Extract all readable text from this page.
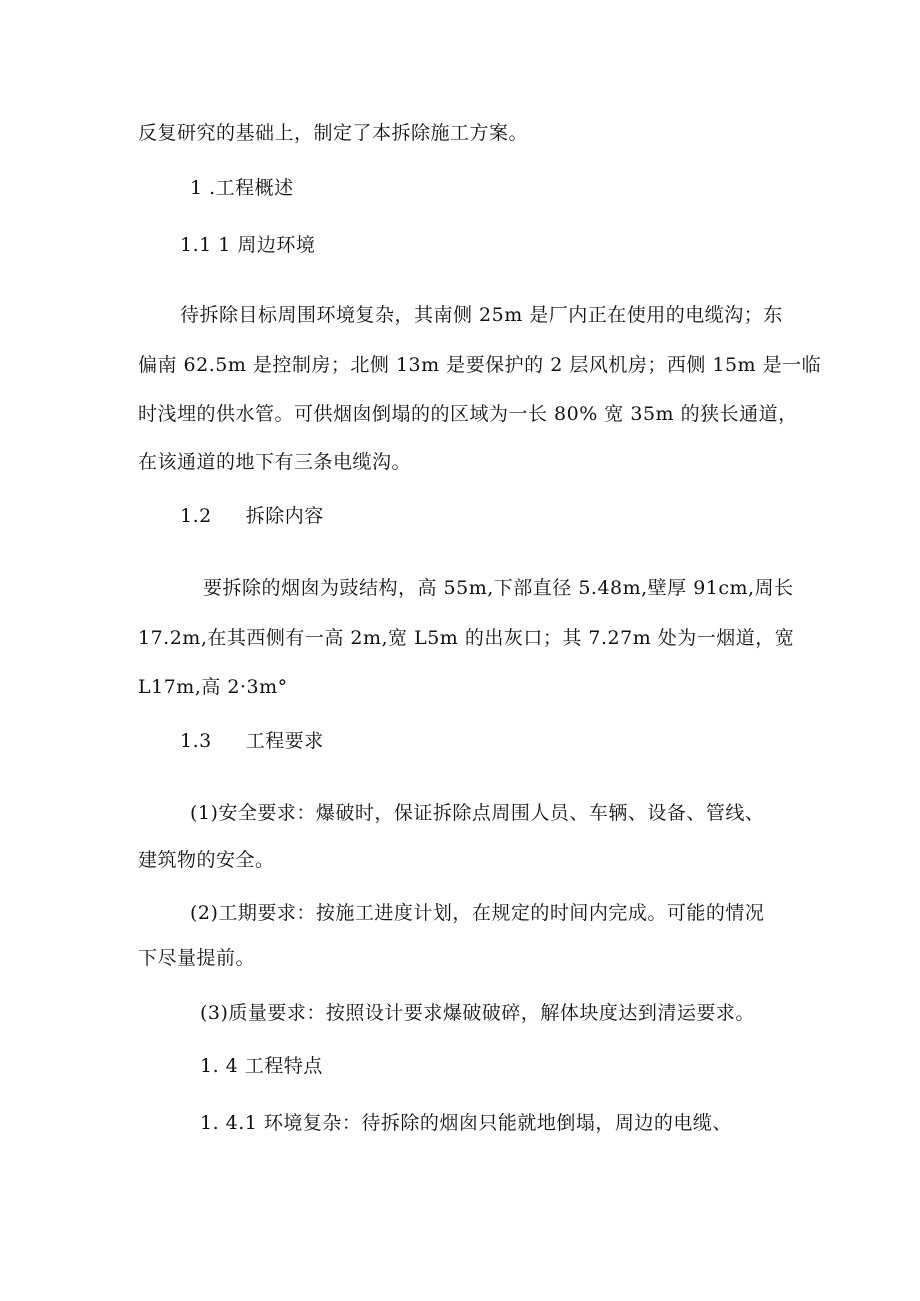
反复研究的基础上，制定了本拆除施工方案。
1 .工程概述
1.1 1 周边环境
待拆除目标周围环境复杂，其南侧 25m 是厂内正在使用的电缆沟；东
偏南 62.5m 是控制房；北侧 13m 是要保护的 2 层风机房；西侧 15m 是一临
时浅埋的供水管。可供烟囱倒塌的的区域为一长 80% 宽 35m 的狭长通道，
在该通道的地下有三条电缆沟。
1.2 拆除内容
要拆除的烟囱为豉结构，高 55m,下部直径 5.48m,壁厚 91cm,周长
17.2m,在其西侧有一高 2m,宽 L5m 的出灰口；其 7.27m 处为一烟道，宽
L17m,高 2·3m°
1.3 工程要求
(1)安全要求：爆破时，保证拆除点周围人员、车辆、设备、管线、
建筑物的安全。
(2)工期要求：按施工进度计划，在规定的时间内完成。可能的情况
下尽量提前。
(3)质量要求：按照设计要求爆破破碎，解体块度达到清运要求。
1. 4 工程特点
1. 4.1 环境复杂：待拆除的烟囱只能就地倒塌，周边的电缆、
